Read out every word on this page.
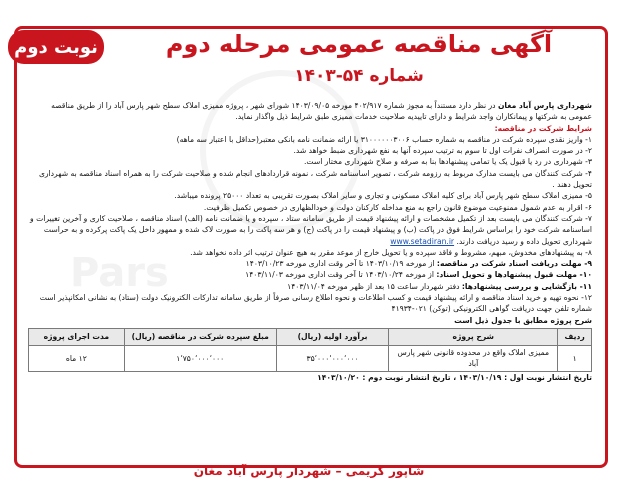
Pars
نوبت دوم	آگهی مناقصه عمومی مرحله دوم
شماره ۵۴-۱۴۰۳

شهرداری پارس آباد مغان در نظر دارد مستنداً به مجوز شماره ۴۰۲/۹۱۷ مورخه ۱۴۰۳/۰۹/۰۵ شورای شهر ، پروژه ممیزی املاک سطح شهر پارس آباد را از طریق مناقصه عمومی به شرکتها و پیمانکاران واجد شرایط و دارای تاییدیه صلاحیت خدمات ممیزی طبق شرایط ذیل واگذار نماید.

شرایط شرکت در مناقصه:

۱- واریز نقدی سپرده شرکت در مناقصه به شماره حساب ۳۱۰۰۰۰۰۰۳۰۰۶ یا ارائه ضمانت نامه بانکی معتبر(حداقل با اعتبار سه ماهه)

۲- در صورت انصراف نفرات اول تا سوم به ترتیب سپرده آنها به نفع شهرداری ضبط خواهد شد.

۳- شهرداری در رد یا قبول یک یا تمامی پیشنهادها بنا به صرفه و صلاح شهرداری مختار است.

۴- شرکت کنندگان می بایست مدارک مربوط به رزومه شرکت ، تصویر اساسنامه شرکت ، نمونه قراردادهای انجام شده و صلاحیت شرکت را به همراه اسناد مناقصه به شهرداری تحویل دهند .

۵- ممیزی املاک سطح شهر پارس آباد برای کلیه املاک مسکونی و تجاری و سایر املاک بصورت تقریبی به تعداد ۲۵۰۰۰ پرونده میباشد.

۶- اقرار به عدم شمول ممنوعیت موضوع قانون راجع به منع مداخله کارکنان دولت و خودالظهاری در خصوص تکمیل ظرفیت.

۷- شرکت کنندگان می بایست بعد از تکمیل مشخصات و ارائه پیشنهاد قیمت از طریق سامانه ستاد ، سپرده و یا ضمانت نامه (الف) اسناد مناقصه ، صلاحیت کاری و آخرین تغییرات و اساسنامه شرکت خود را براساس شرایط فوق در پاکت (ب) و پیشنهاد قیمت را در پاکت (ج) و هر سه پاکت را به صورت لاک شده و ممهور داخل یک پاکت پرکرده و به حراست شهرداری تحویل داده و رسید دریافت دارند. www.setadiran.ir

۸- به پیشنهادهای مخدوش، مبهم، مشروط و فاقد سپرده و یا تحویل خارج از موعد مقرر به هیچ عنوان ترتیب اثر داده نخواهد شد.

۹- مهلت دریافت اسناد شرکت در مناقصه: از مورخه ۱۴۰۳/۱۰/۱۹ تا آخر وقت اداری مورخه ۱۴۰۳/۱۰/۲۳

۱۰- مهلت قبول پیشنهادها و تحویل اسناد: از مورخه ۱۴۰۳/۱۰/۲۴ تا آخر وقت اداری مورخه ۱۴۰۳/۱۱/۰۳

۱۱- بازگشایی و بررسی پیشنهادها: دفتر شهردار ساعت ۱۵ بعد از ظهر مورخه ۱۴۰۳/۱۱/۰۴

۱۲- نحوه تهیه و خرید اسناد مناقصه و ارائه پیشنهاد قیمت و کسب اطلاعات و نحوه اطلاع رسانی صرفاً از طریق سامانه تدارکات الکترونیک دولت (ستاد) به نشانی امکانپذیر است شماره تلفن جهت دریافت گواهی الکترونیکی (توکن) ۰۲۱-۴۱۹۳۴

شرح پروژه مطابق با جدول ذیل است

ردیف	شرح پروژه	برآورد اولیه (ریال)	مبلغ سپرده شرکت در مناقصه (ریال)	مدت اجرای پروژه
۱	ممیزی املاک واقع در محدوده قانونی شهر پارس آباد	۳۵٬۰۰۰٬۰۰۰٬۰۰۰	۱٬۷۵۰٬۰۰۰٬۰۰۰	۱۲ ماه

تاریخ انتشار نوبت اول : ۱۴۰۳/۱۰/۱۹ ، تاریخ انتشار نوبت دوم : ۱۴۰۳/۱۰/۲۰

شاپور کریمی – شهردار پارس آباد مغان
